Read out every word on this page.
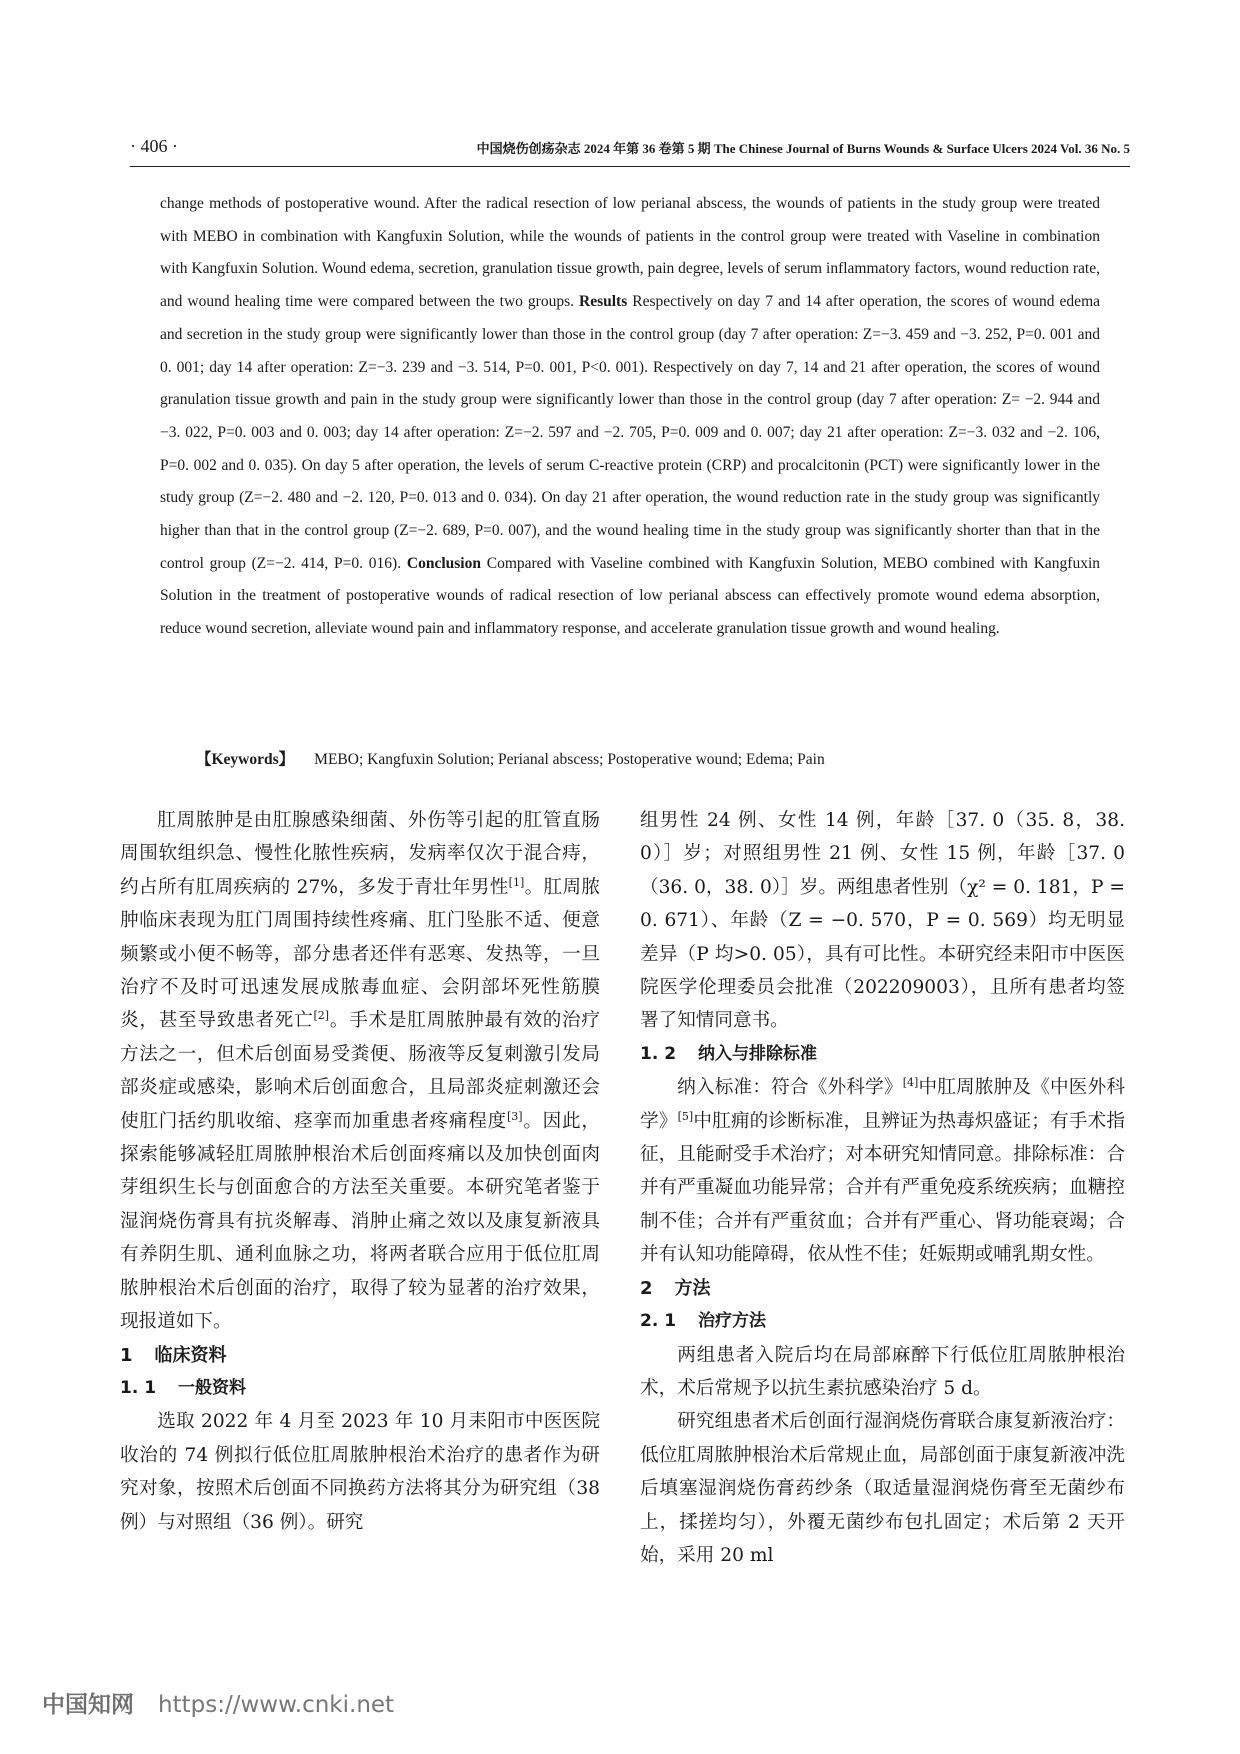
· 406 ·	中国烧伤创疡杂志 2024 年第 36 卷第 5 期 The Chinese Journal of Burns Wounds & Surface Ulcers 2024 Vol. 36 No. 5
change methods of postoperative wound. After the radical resection of low perianal abscess, the wounds of patients in the study group were treated with MEBO in combination with Kangfuxin Solution, while the wounds of patients in the control group were treated with Vaseline in combination with Kangfuxin Solution. Wound edema, secretion, granulation tissue growth, pain degree, levels of serum inflammatory factors, wound reduction rate, and wound healing time were compared between the two groups. Results Respectively on day 7 and 14 after operation, the scores of wound edema and secretion in the study group were significantly lower than those in the control group (day 7 after operation: Z=−3. 459 and −3. 252, P=0. 001 and 0. 001; day 14 after operation: Z=−3. 239 and −3. 514, P=0. 001, P<0. 001). Respectively on day 7, 14 and 21 after operation, the scores of wound granulation tissue growth and pain in the study group were significantly lower than those in the control group (day 7 after operation: Z= −2. 944 and −3. 022, P=0. 003 and 0. 003; day 14 after operation: Z=−2. 597 and −2. 705, P=0. 009 and 0. 007; day 21 after operation: Z=−3. 032 and −2. 106, P=0. 002 and 0. 035). On day 5 after operation, the levels of serum C-reactive protein (CRP) and procalcitonin (PCT) were significantly lower in the study group (Z=−2. 480 and −2. 120, P=0. 013 and 0. 034). On day 21 after operation, the wound reduction rate in the study group was significantly higher than that in the control group (Z=−2. 689, P=0. 007), and the wound healing time in the study group was significantly shorter than that in the control group (Z=−2. 414, P=0. 016). Conclusion Compared with Vaseline combined with Kangfuxin Solution, MEBO combined with Kangfuxin Solution in the treatment of postoperative wounds of radical resection of low perianal abscess can effectively promote wound edema absorption, reduce wound secretion, alleviate wound pain and inflammatory response, and accelerate granulation tissue growth and wound healing.
【Keywords】 MEBO; Kangfuxin Solution; Perianal abscess; Postoperative wound; Edema; Pain

肛周脓肿是由肛腺感染细菌、外伤等引起的肛管直肠周围软组织急、慢性化脓性疾病，发病率仅次于混合痔，约占所有肛周疾病的 27%，多发于青壮年男性[1]。肛周脓肿临床表现为肛门周围持续性疼痛、肛门坠胀不适、便意频繁或小便不畅等，部分患者还伴有恶寒、发热等，一旦治疗不及时可迅速发展成脓毒血症、会阴部坏死性筋膜炎，甚至导致患者死亡[2]。手术是肛周脓肿最有效的治疗方法之一，但术后创面易受粪便、肠液等反复刺激引发局部炎症或感染，影响术后创面愈合，且局部炎症刺激还会使肛门括约肌收缩、痉挛而加重患者疼痛程度[3]。因此，探索能够减轻肛周脓肿根治术后创面疼痛以及加快创面肉芽组织生长与创面愈合的方法至关重要。本研究笔者鉴于湿润烧伤膏具有抗炎解毒、消肿止痛之效以及康复新液具有养阴生肌、通利血脉之功，将两者联合应用于低位肛周脓肿根治术后创面的治疗，取得了较为显著的治疗效果，现报道如下。

1 临床资料

1. 1 一般资料

选取 2022 年 4 月至 2023 年 10 月耒阳市中医医院收治的 74 例拟行低位肛周脓肿根治术治疗的患者作为研究对象，按照术后创面不同换药方法将其分为研究组（38 例）与对照组（36 例）。研究

组男性 24 例、女性 14 例，年龄［37. 0（35. 8，38. 0）］岁；对照组男性 21 例、女性 15 例，年龄［37. 0（36. 0，38. 0）］岁。两组患者性别（χ² = 0. 181，P = 0. 671）、年龄（Z = −0. 570，P = 0. 569）均无明显差异（P 均>0. 05），具有可比性。本研究经耒阳市中医医院医学伦理委员会批准（202209003），且所有患者均签署了知情同意书。

1. 2 纳入与排除标准

纳入标准：符合《外科学》[4]中肛周脓肿及《中医外科学》[5]中肛痈的诊断标准，且辨证为热毒炽盛证；有手术指征，且能耐受手术治疗；对本研究知情同意。排除标准：合并有严重凝血功能异常；合并有严重免疫系统疾病；血糖控制不佳；合并有严重贫血；合并有严重心、肾功能衰竭；合并有认知功能障碍，依从性不佳；妊娠期或哺乳期女性。

2 方法

2. 1 治疗方法

两组患者入院后均在局部麻醉下行低位肛周脓肿根治术，术后常规予以抗生素抗感染治疗 5 d。

研究组患者术后创面行湿润烧伤膏联合康复新液治疗：低位肛周脓肿根治术后常规止血，局部创面于康复新液冲洗后填塞湿润烧伤膏药纱条（取适量湿润烧伤膏至无菌纱布上，揉搓均匀），外覆无菌纱布包扎固定；术后第 2 天开始，采用 20 ml

中国知网 https://www.cnki.net
